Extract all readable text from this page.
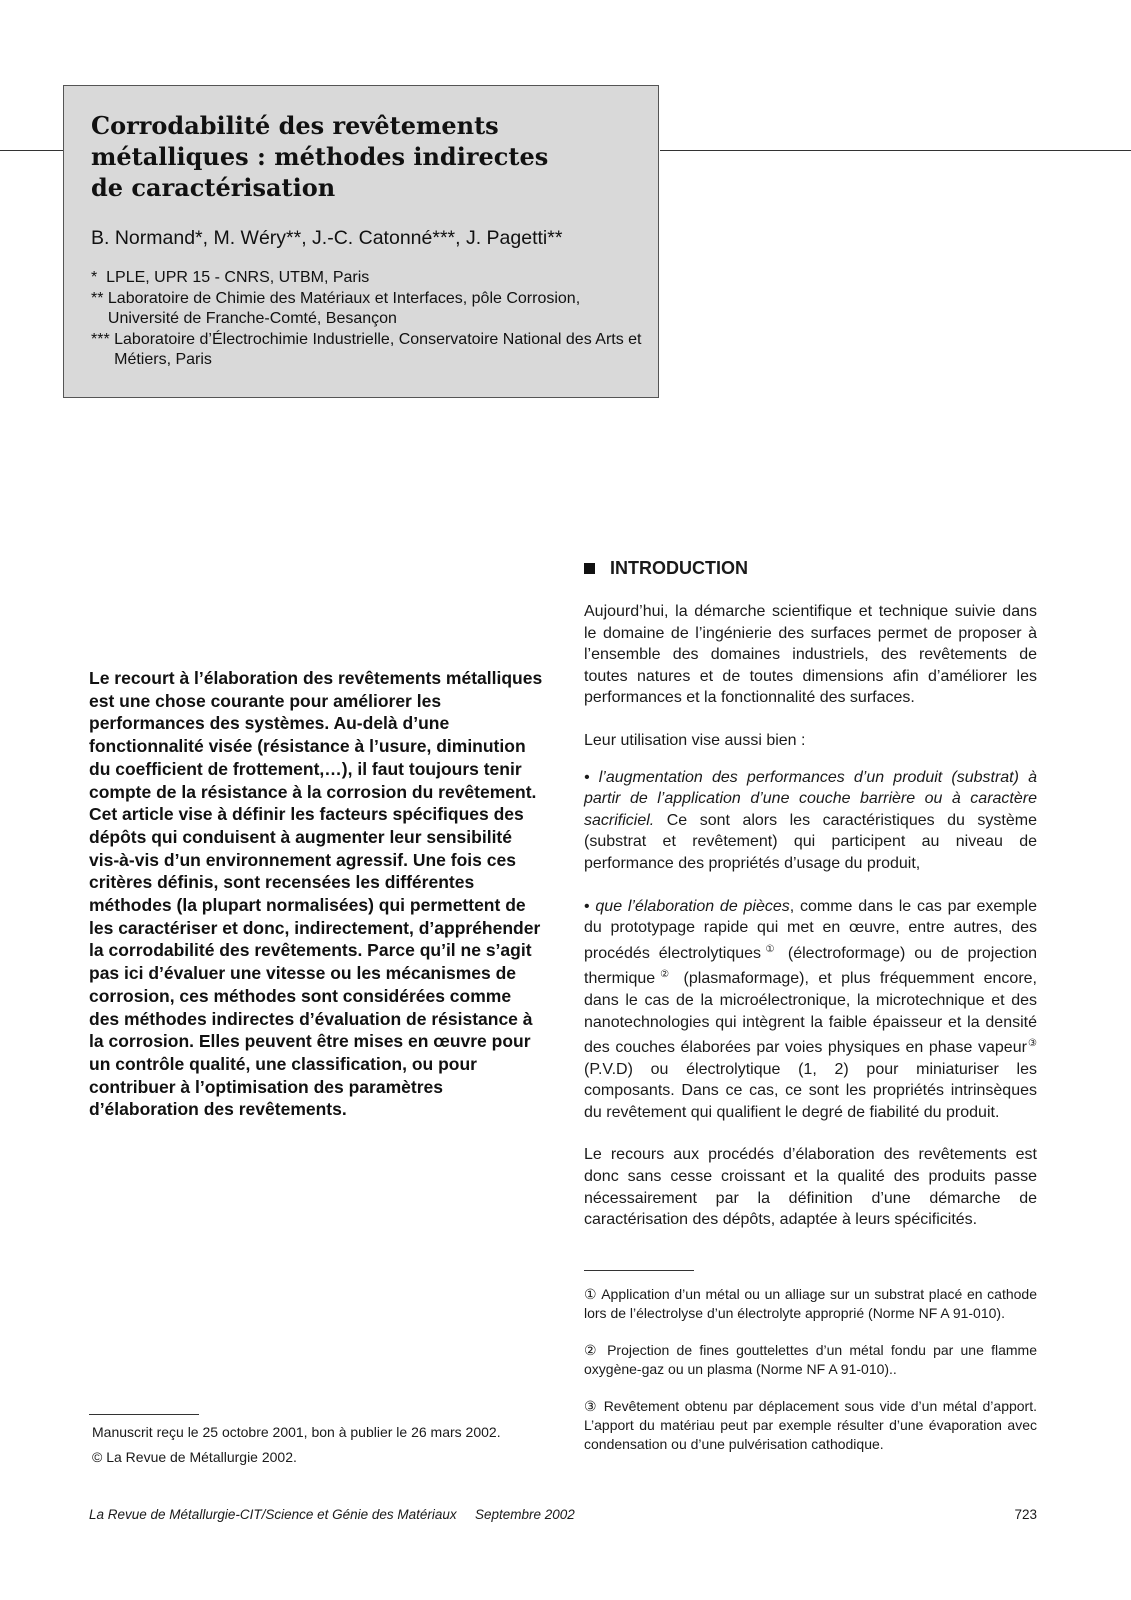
Corrodabilité des revêtements
métalliques : méthodes indirectes
de caractérisation

B. Normand*, M. Wéry**, J.-C. Catonné***, J. Pagetti**

* LPLE, UPR 15 - CNRS, UTBM, Paris
** Laboratoire de Chimie des Matériaux et Interfaces, pôle Corrosion, Université de Franche-Comté, Besançon
*** Laboratoire d’Électrochimie Industrielle, Conservatoire National des Arts et Métiers, Paris

Le recourt à l’élaboration des revêtements métalliques est une chose courante pour améliorer les performances des systèmes. Au-delà d’une fonctionnalité visée (résistance à l’usure, diminution du coefficient de frottement,…), il faut toujours tenir compte de la résistance à la corrosion du revêtement. Cet article vise à définir les facteurs spécifiques des dépôts qui conduisent à augmenter leur sensibilité vis-à-vis d’un environnement agressif. Une fois ces critères définis, sont recensées les différentes méthodes (la plupart normalisées) qui permettent de les caractériser et donc, indirectement, d’appréhender la corrodabilité des revêtements. Parce qu’il ne s’agit pas ici d’évaluer une vitesse ou les mécanismes de corrosion, ces méthodes sont considérées comme des méthodes indirectes d’évaluation de résistance à la corrosion. Elles peuvent être mises en œuvre pour un contrôle qualité, une classification, ou pour contribuer à l’optimisation des paramètres d’élaboration des revêtements.

Manuscrit reçu le 25 octobre 2001, bon à publier le 26 mars 2002.

© La Revue de Métallurgie 2002.

INTRODUCTION

Aujourd’hui, la démarche scientifique et technique suivie dans le domaine de l’ingénierie des surfaces permet de proposer à l’ensemble des domaines industriels, des revêtements de toutes natures et de toutes dimensions afin d’améliorer les performances et la fonctionnalité des surfaces.

Leur utilisation vise aussi bien :

• l’augmentation des performances d’un produit (substrat) à partir de l’application d’une couche barrière ou à caractère sacrificiel. Ce sont alors les caractéristiques du système (substrat et revêtement) qui participent au niveau de performance des propriétés d’usage du produit,

• que l’élaboration de pièces, comme dans le cas par exemple du prototypage rapide qui met en œuvre, entre autres, des procédés électrolytiques① (électroformage) ou de projection thermique② (plasmaformage), et plus fréquemment encore, dans le cas de la microélectronique, la microtechnique et des nanotechnologies qui intègrent la faible épaisseur et la densité des couches élaborées par voies physiques en phase vapeur③ (P.V.D) ou électrolytique (1, 2) pour miniaturiser les composants. Dans ce cas, ce sont les propriétés intrinsèques du revêtement qui qualifient le degré de fiabilité du produit.

Le recours aux procédés d’élaboration des revêtements est donc sans cesse croissant et la qualité des produits passe nécessairement par la définition d’une démarche de caractérisation des dépôts, adaptée à leurs spécificités.

① Application d’un métal ou un alliage sur un substrat placé en cathode lors de l’électrolyse d’un électrolyte approprié (Norme NF A 91-010).

② Projection de fines gouttelettes d’un métal fondu par une flamme oxygène-gaz ou un plasma (Norme NF A 91-010)..

③ Revêtement obtenu par déplacement sous vide d’un métal d’apport. L’apport du matériau peut par exemple résulter d’une évaporation avec condensation ou d’une pulvérisation cathodique.

La Revue de Métallurgie-CIT/Science et Génie des Matériaux Septembre 2002	723
